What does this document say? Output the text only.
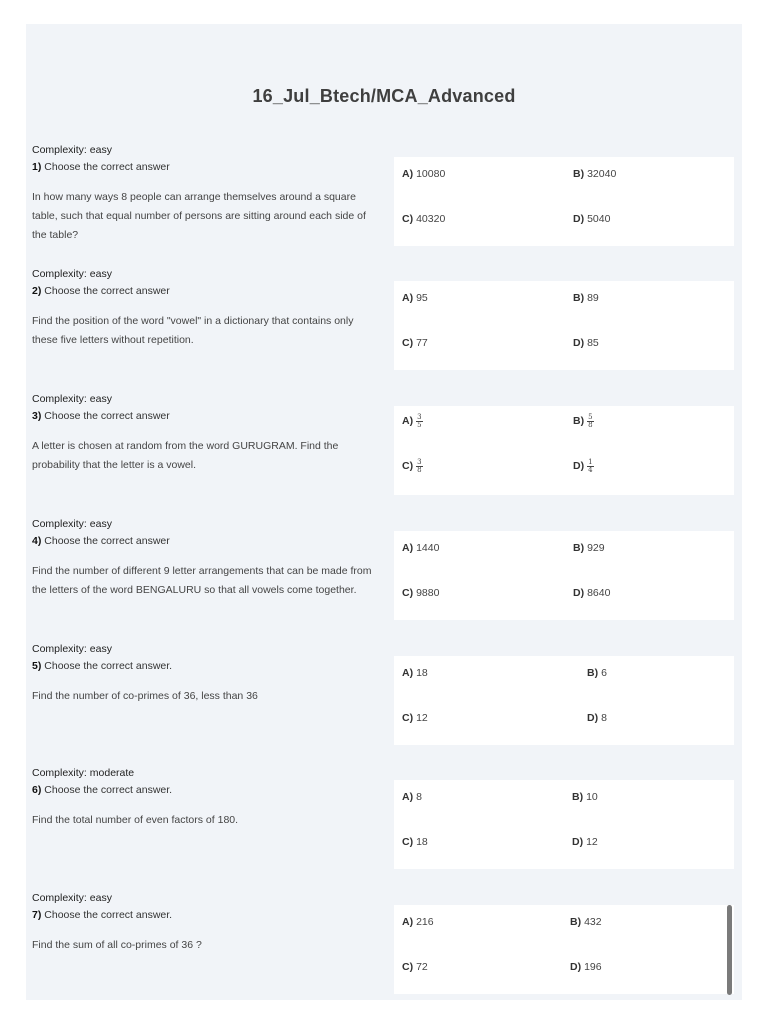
16_Jul_Btech/MCA_Advanced
Complexity: easy
1) Choose the correct answer
In how many ways 8 people can arrange themselves around a square table, such that equal number of persons are sitting around each side of the table?
A) 10080	B) 32040
C) 40320	D) 5040
Complexity: easy
2) Choose the correct answer
Find the position of the word "vowel" in a dictionary that contains only these five letters without repetition.
A) 95	B) 89
C) 77	D) 85
Complexity: easy
3) Choose the correct answer
A letter is chosen at random from the word GURUGRAM. Find the probability that the letter is a vowel.
$A) \frac{3}{5}$	$B) \frac{5}{8}$
$C) \frac{3}{8}$	$D) \frac{1}{4}$
Complexity: easy
4) Choose the correct answer
Find the number of different 9 letter arrangements that can be made from the letters of the word BENGALURU so that all vowels come together.
A) 1440	B) 929
C) 9880	D) 8640
Complexity: easy
5) Choose the correct answer.
Find the number of co-primes of 36, less than 36
A) 18	B) 6
C) 12	D) 8
Complexity: moderate
6) Choose the correct answer.
Find the total number of even factors of 180.
A) 8	B) 10
C) 18	D) 12
Complexity: easy
7) Choose the correct answer.
Find the sum of all co-primes of 36 ?
A) 216	B) 432
C) 72	D) 196
